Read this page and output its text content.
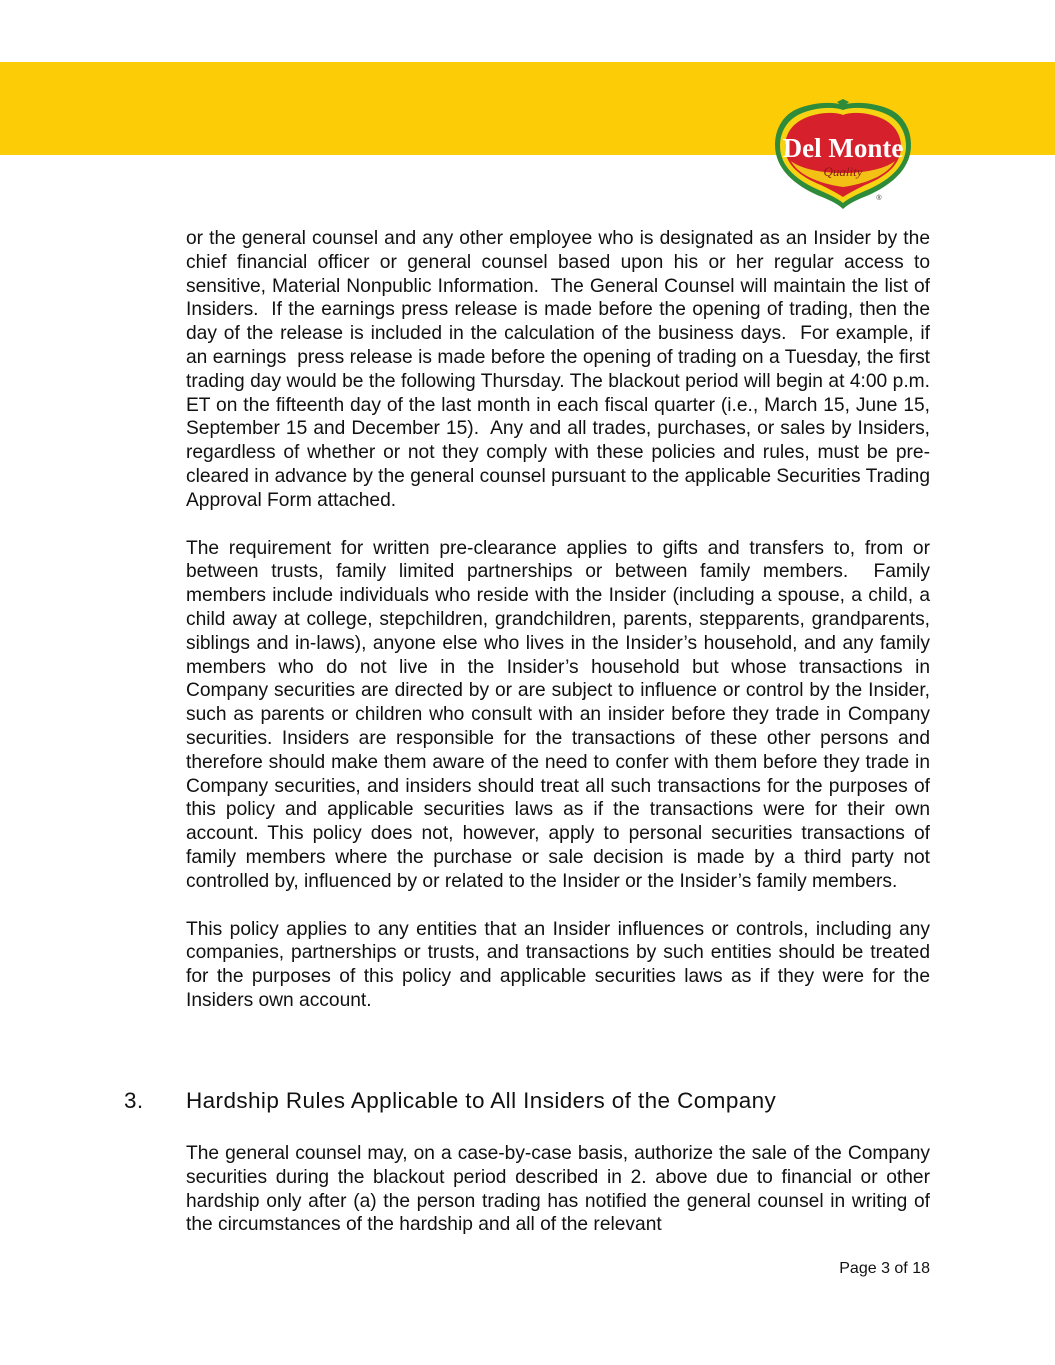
Del Monte
Quality
®

or the general counsel and any other employee who is designated as an Insider by the chief financial officer or general counsel based upon his or her regular access to sensitive, Material Nonpublic Information.  The General Counsel will maintain the list of Insiders.  If the earnings press release is made before the opening of trading, then the day of the release is included in the calculation of the business days.  For example, if an earnings  press release is made before the opening of trading on a Tuesday, the first trading day would be the following Thursday. The blackout period will begin at 4:00 p.m. ET on the fifteenth day of the last month in each fiscal quarter (i.e., March 15, June 15, September 15 and December 15).  Any and all trades, purchases, or sales by Insiders, regardless of whether or not they comply with these policies and rules, must be pre-cleared in advance by the general counsel pursuant to the applicable Securities Trading Approval Form attached.

The requirement for written pre-clearance applies to gifts and transfers to, from or between trusts, family limited partnerships or between family members.  Family members include individuals who reside with the Insider (including a spouse, a child, a child away at college, stepchildren, grandchildren, parents, stepparents, grandparents, siblings and in-laws), anyone else who lives in the Insider’s household, and any family members who do not live in the Insider’s household but whose transactions in Company securities are directed by or are subject to influence or control by the Insider, such as parents or children who consult with an insider before they trade in Company securities. Insiders are responsible for the transactions of these other persons and therefore should make them aware of the need to confer with them before they trade in Company securities, and insiders should treat all such transactions for the purposes of this policy and applicable securities laws as if the transactions were for their own account. This policy does not, however, apply to personal securities transactions of family members where the purchase or sale decision is made by a third party not controlled by, influenced by or related to the Insider or the Insider’s family members.

This policy applies to any entities that an Insider influences or controls, including any companies, partnerships or trusts, and transactions by such entities should be treated for the purposes of this policy and applicable securities laws as if they were for the Insiders own account.

3. Hardship Rules Applicable to All Insiders of the Company

The general counsel may, on a case-by-case basis, authorize the sale of the Company securities during the blackout period described in 2. above due to financial or other hardship only after (a) the person trading has notified the general counsel in writing of the circumstances of the hardship and all of the relevant

Page 3 of 18
